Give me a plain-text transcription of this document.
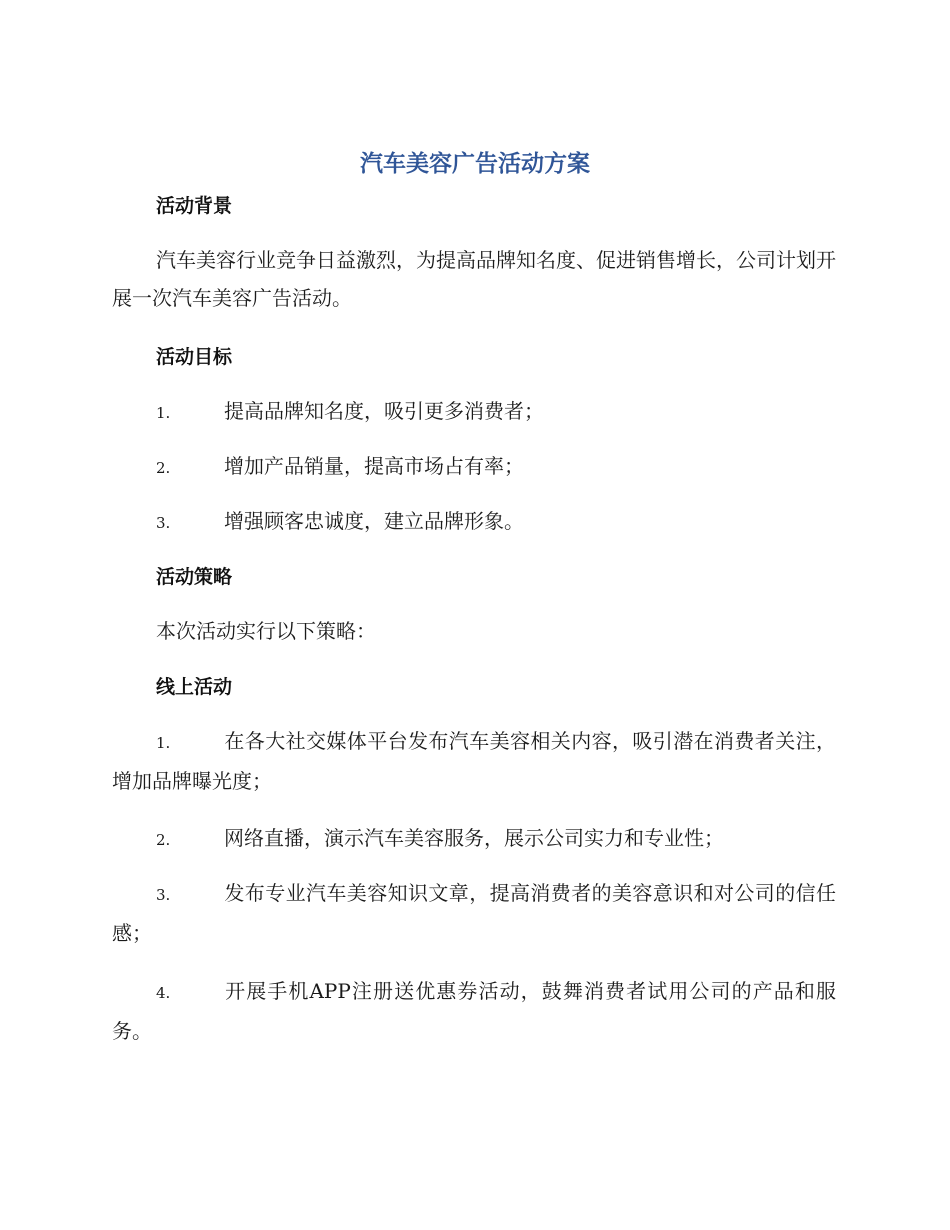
汽车美容广告活动方案
活动背景
汽车美容行业竞争日益激烈，为提高品牌知名度、促进销售增长，公司计划开展一次汽车美容广告活动。
活动目标
1.	提高品牌知名度，吸引更多消费者；
2.	增加产品销量，提高市场占有率；
3.	增强顾客忠诚度，建立品牌形象。
活动策略
本次活动实行以下策略：
线上活动
1.	在各大社交媒体平台发布汽车美容相关内容，吸引潜在消费者关注，增加品牌曝光度；
2.	网络直播，演示汽车美容服务，展示公司实力和专业性；
3.	发布专业汽车美容知识文章，提高消费者的美容意识和对公司的信任感；
4.	开展手机APP注册送优惠券活动，鼓舞消费者试用公司的产品和服务。
